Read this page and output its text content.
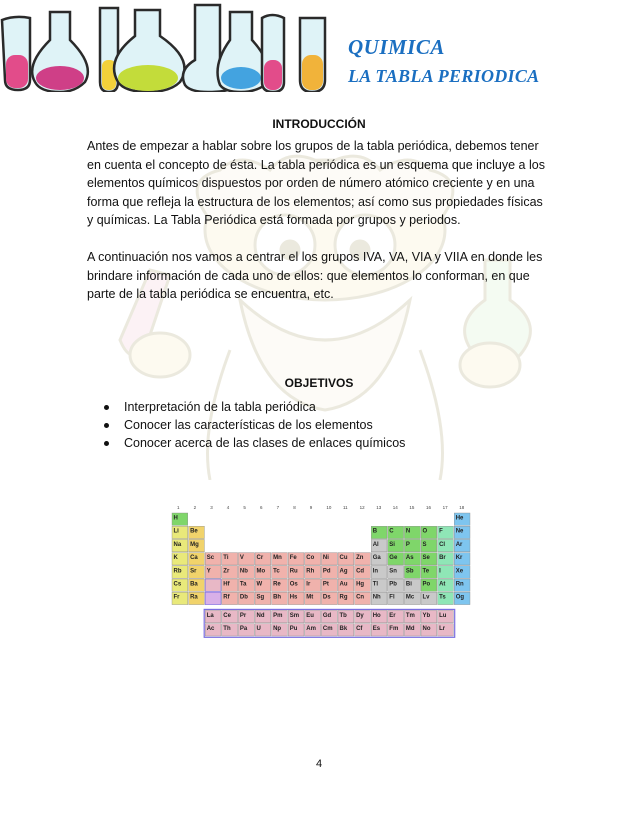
QUIMICA
LA TABLA PERIODICA
INTRODUCCIÓN
Antes de empezar a hablar sobre los grupos de la tabla periódica, debemos tener
en cuenta el concepto de ésta. La tabla periódica es un esquema que incluye a los
elementos químicos dispuestos por orden de número atómico creciente y en una
forma que refleja la estructura de los elementos; así como sus propiedades físicas
y químicas. La Tabla Periódica está formada por grupos y periodos.
A continuación nos vamos a centrar el los grupos IVA, VA, VIA y VIIA en donde les
brindare información de cada uno de ellos: que elementos lo conforman, en que
parte de la tabla periódica se encuentra, etc.
OBJETIVOS
Interpretación de la tabla periódica
Conocer las características de los elementos
Conocer acerca de las clases de enlaces químicos
1	2	3	4	5	6	7	8	9	10	11	12	13	14	15	16	17	18
H	He
Li Be	B C N O F Ne
Na Mg	Al Si P S Cl Ar
K Ca Sc Ti V Cr Mn Fe Co Ni Cu Zn Ga Ge As Se Br Kr
Rb Sr Y Zr Nb Mo Tc Ru Rh Pd Ag Cd In Sn Sb Te I Xe
Cs Ba	Hf Ta W Re Os Ir Pt Au Hg Tl Pb Bi Po At Rn
Fr Ra	Rf Db Sg Bh Hs Mt Ds Rg Cn Nh Fl Mc Lv Ts Og
La Ce Pr Nd Pm Sm Eu Gd Tb Dy Ho Er Tm Yb Lu
Ac Th Pa U Np Pu Am Cm Bk Cf Es Fm Md No Lr
4
